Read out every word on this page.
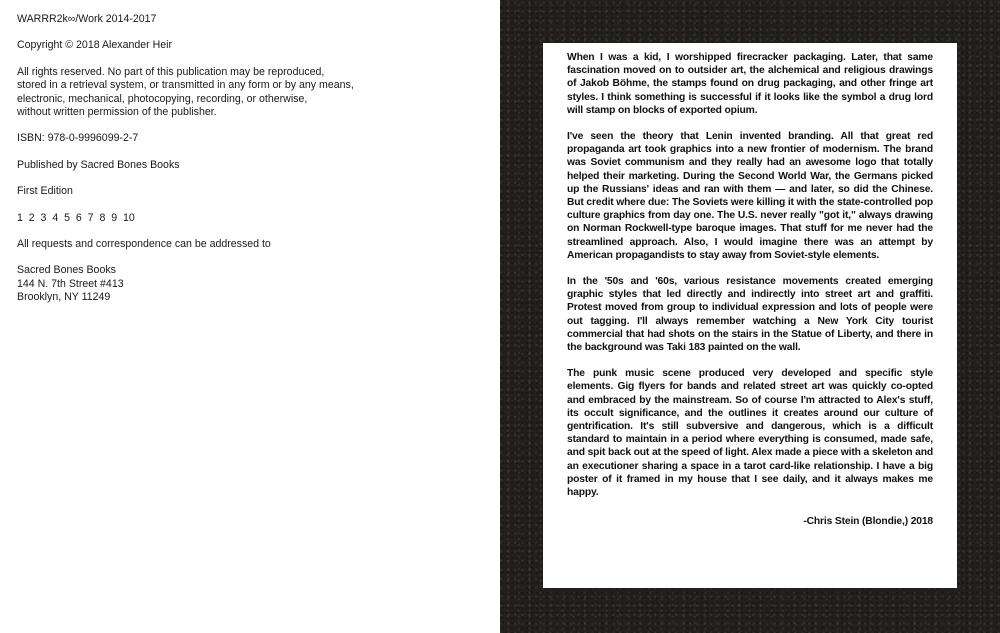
WARRR2k∞/Work 2014-2017

Copyright © 2018 Alexander Heir

All rights reserved. No part of this publication may be reproduced,
stored in a retrieval system, or transmitted in any form or by any means,
electronic, mechanical, photocopying, recording, or otherwise,
without written permission of the publisher.

ISBN: 978-0-9996099-2-7

Published by Sacred Bones Books

First Edition

1  2  3  4  5  6  7  8  9  10

All requests and correspondence can be addressed to

Sacred Bones Books
144 N. 7th Street #413
Brooklyn, NY 11249

When I was a kid, I worshipped firecracker packaging. Later, that same fascination moved on to outsider art, the alchemical and religious drawings of Jakob Böhme, the stamps found on drug packaging, and other fringe art styles. I think something is successful if it looks like the symbol a drug lord will stamp on blocks of exported opium.

I've seen the theory that Lenin invented branding. All that great red propaganda art took graphics into a new frontier of modernism. The brand was Soviet communism and they really had an awesome logo that totally helped their marketing. During the Second World War, the Germans picked up the Russians' ideas and ran with them — and later, so did the Chinese. But credit where due: The Soviets were killing it with the state-controlled pop culture graphics from day one. The U.S. never really "got it," always drawing on Norman Rockwell-type baroque images. That stuff for me never had the streamlined approach. Also, I would imagine there was an attempt by American propagandists to stay away from Soviet-style elements.

In the '50s and '60s, various resistance movements created emerging graphic styles that led directly and indirectly into street art and graffiti. Protest moved from group to individual expression and lots of people were out tagging. I'll always remember watching a New York City tourist commercial that had shots on the stairs in the Statue of Liberty, and there in the background was Taki 183 painted on the wall.

The punk music scene produced very developed and specific style elements. Gig flyers for bands and related street art was quickly co-opted and embraced by the mainstream. So of course I'm attracted to Alex's stuff, its occult significance, and the outlines it creates around our culture of gentrification. It's still subversive and dangerous, which is a difficult standard to maintain in a period where everything is consumed, made safe, and spit back out at the speed of light. Alex made a piece with a skeleton and an executioner sharing a space in a tarot card-like relationship. I have a big poster of it framed in my house that I see daily, and it always makes me happy.

-Chris Stein (Blondie,) 2018
